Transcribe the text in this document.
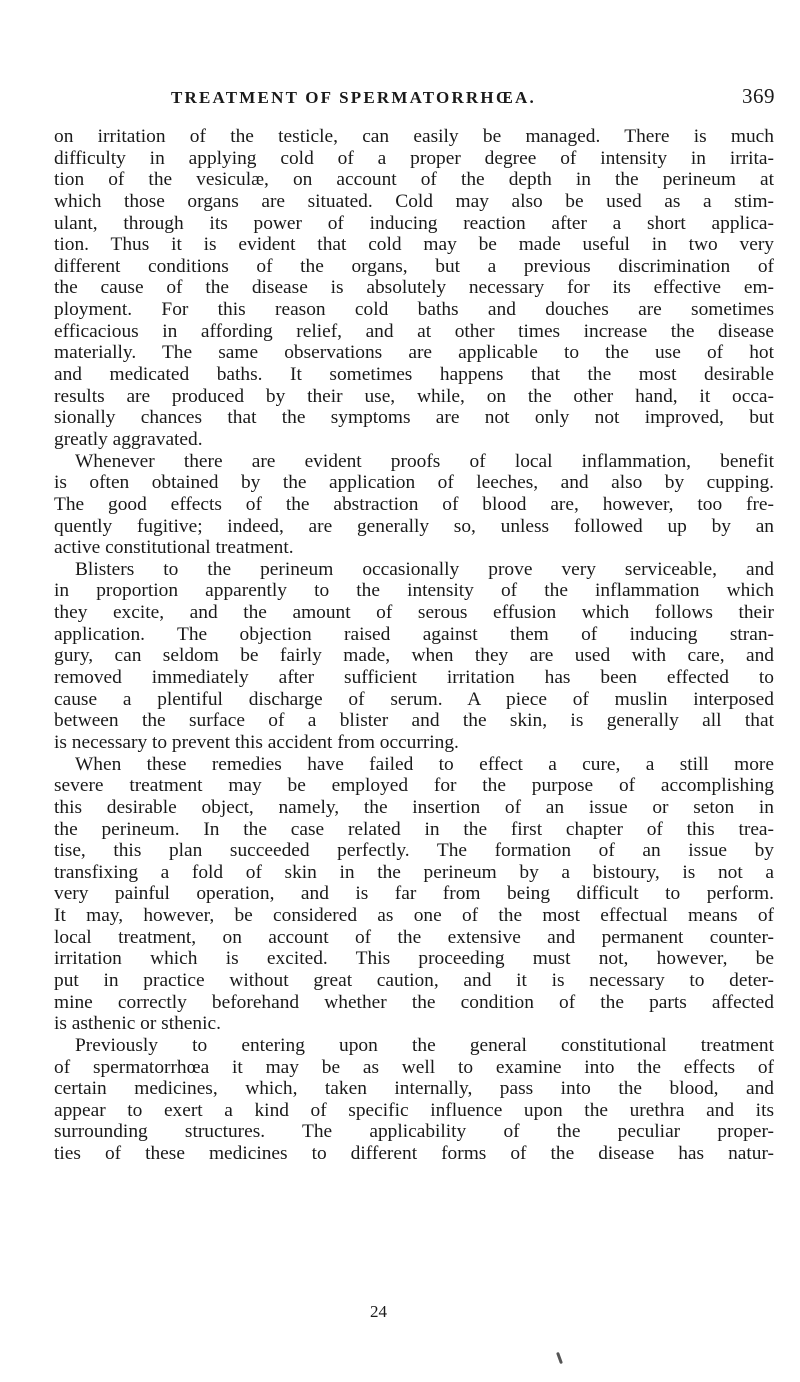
TREATMENT OF SPERMATORRHŒA.	369
on irritation of the testicle, can easily be managed. There is much
difficulty in applying cold of a proper degree of intensity in irrita-
tion of the vesiculæ, on account of the depth in the perineum at
which those organs are situated. Cold may also be used as a stim-
ulant, through its power of inducing reaction after a short applica-
tion. Thus it is evident that cold may be made useful in two very
different conditions of the organs, but a previous discrimination of
the cause of the disease is absolutely necessary for its effective em-
ployment. For this reason cold baths and douches are sometimes
efficacious in affording relief, and at other times increase the disease
materially. The same observations are applicable to the use of hot
and medicated baths. It sometimes happens that the most desirable
results are produced by their use, while, on the other hand, it occa-
sionally chances that the symptoms are not only not improved, but
greatly aggravated.
Whenever there are evident proofs of local inflammation, benefit
is often obtained by the application of leeches, and also by cupping.
The good effects of the abstraction of blood are, however, too fre-
quently fugitive; indeed, are generally so, unless followed up by an
active constitutional treatment.
Blisters to the perineum occasionally prove very serviceable, and
in proportion apparently to the intensity of the inflammation which
they excite, and the amount of serous effusion which follows their
application. The objection raised against them of inducing stran-
gury, can seldom be fairly made, when they are used with care, and
removed immediately after sufficient irritation has been effected to
cause a plentiful discharge of serum. A piece of muslin interposed
between the surface of a blister and the skin, is generally all that
is necessary to prevent this accident from occurring.
When these remedies have failed to effect a cure, a still more
severe treatment may be employed for the purpose of accomplishing
this desirable object, namely, the insertion of an issue or seton in
the perineum. In the case related in the first chapter of this trea-
tise, this plan succeeded perfectly. The formation of an issue by
transfixing a fold of skin in the perineum by a bistoury, is not a
very painful operation, and is far from being difficult to perform.
It may, however, be considered as one of the most effectual means of
local treatment, on account of the extensive and permanent counter-
irritation which is excited. This proceeding must not, however, be
put in practice without great caution, and it is necessary to deter-
mine correctly beforehand whether the condition of the parts affected
is asthenic or sthenic.
Previously to entering upon the general constitutional treatment
of spermatorrhœa it may be as well to examine into the effects of
certain medicines, which, taken internally, pass into the blood, and
appear to exert a kind of specific influence upon the urethra and its
surrounding structures. The applicability of the peculiar proper-
ties of these medicines to different forms of the disease has natur-
24
